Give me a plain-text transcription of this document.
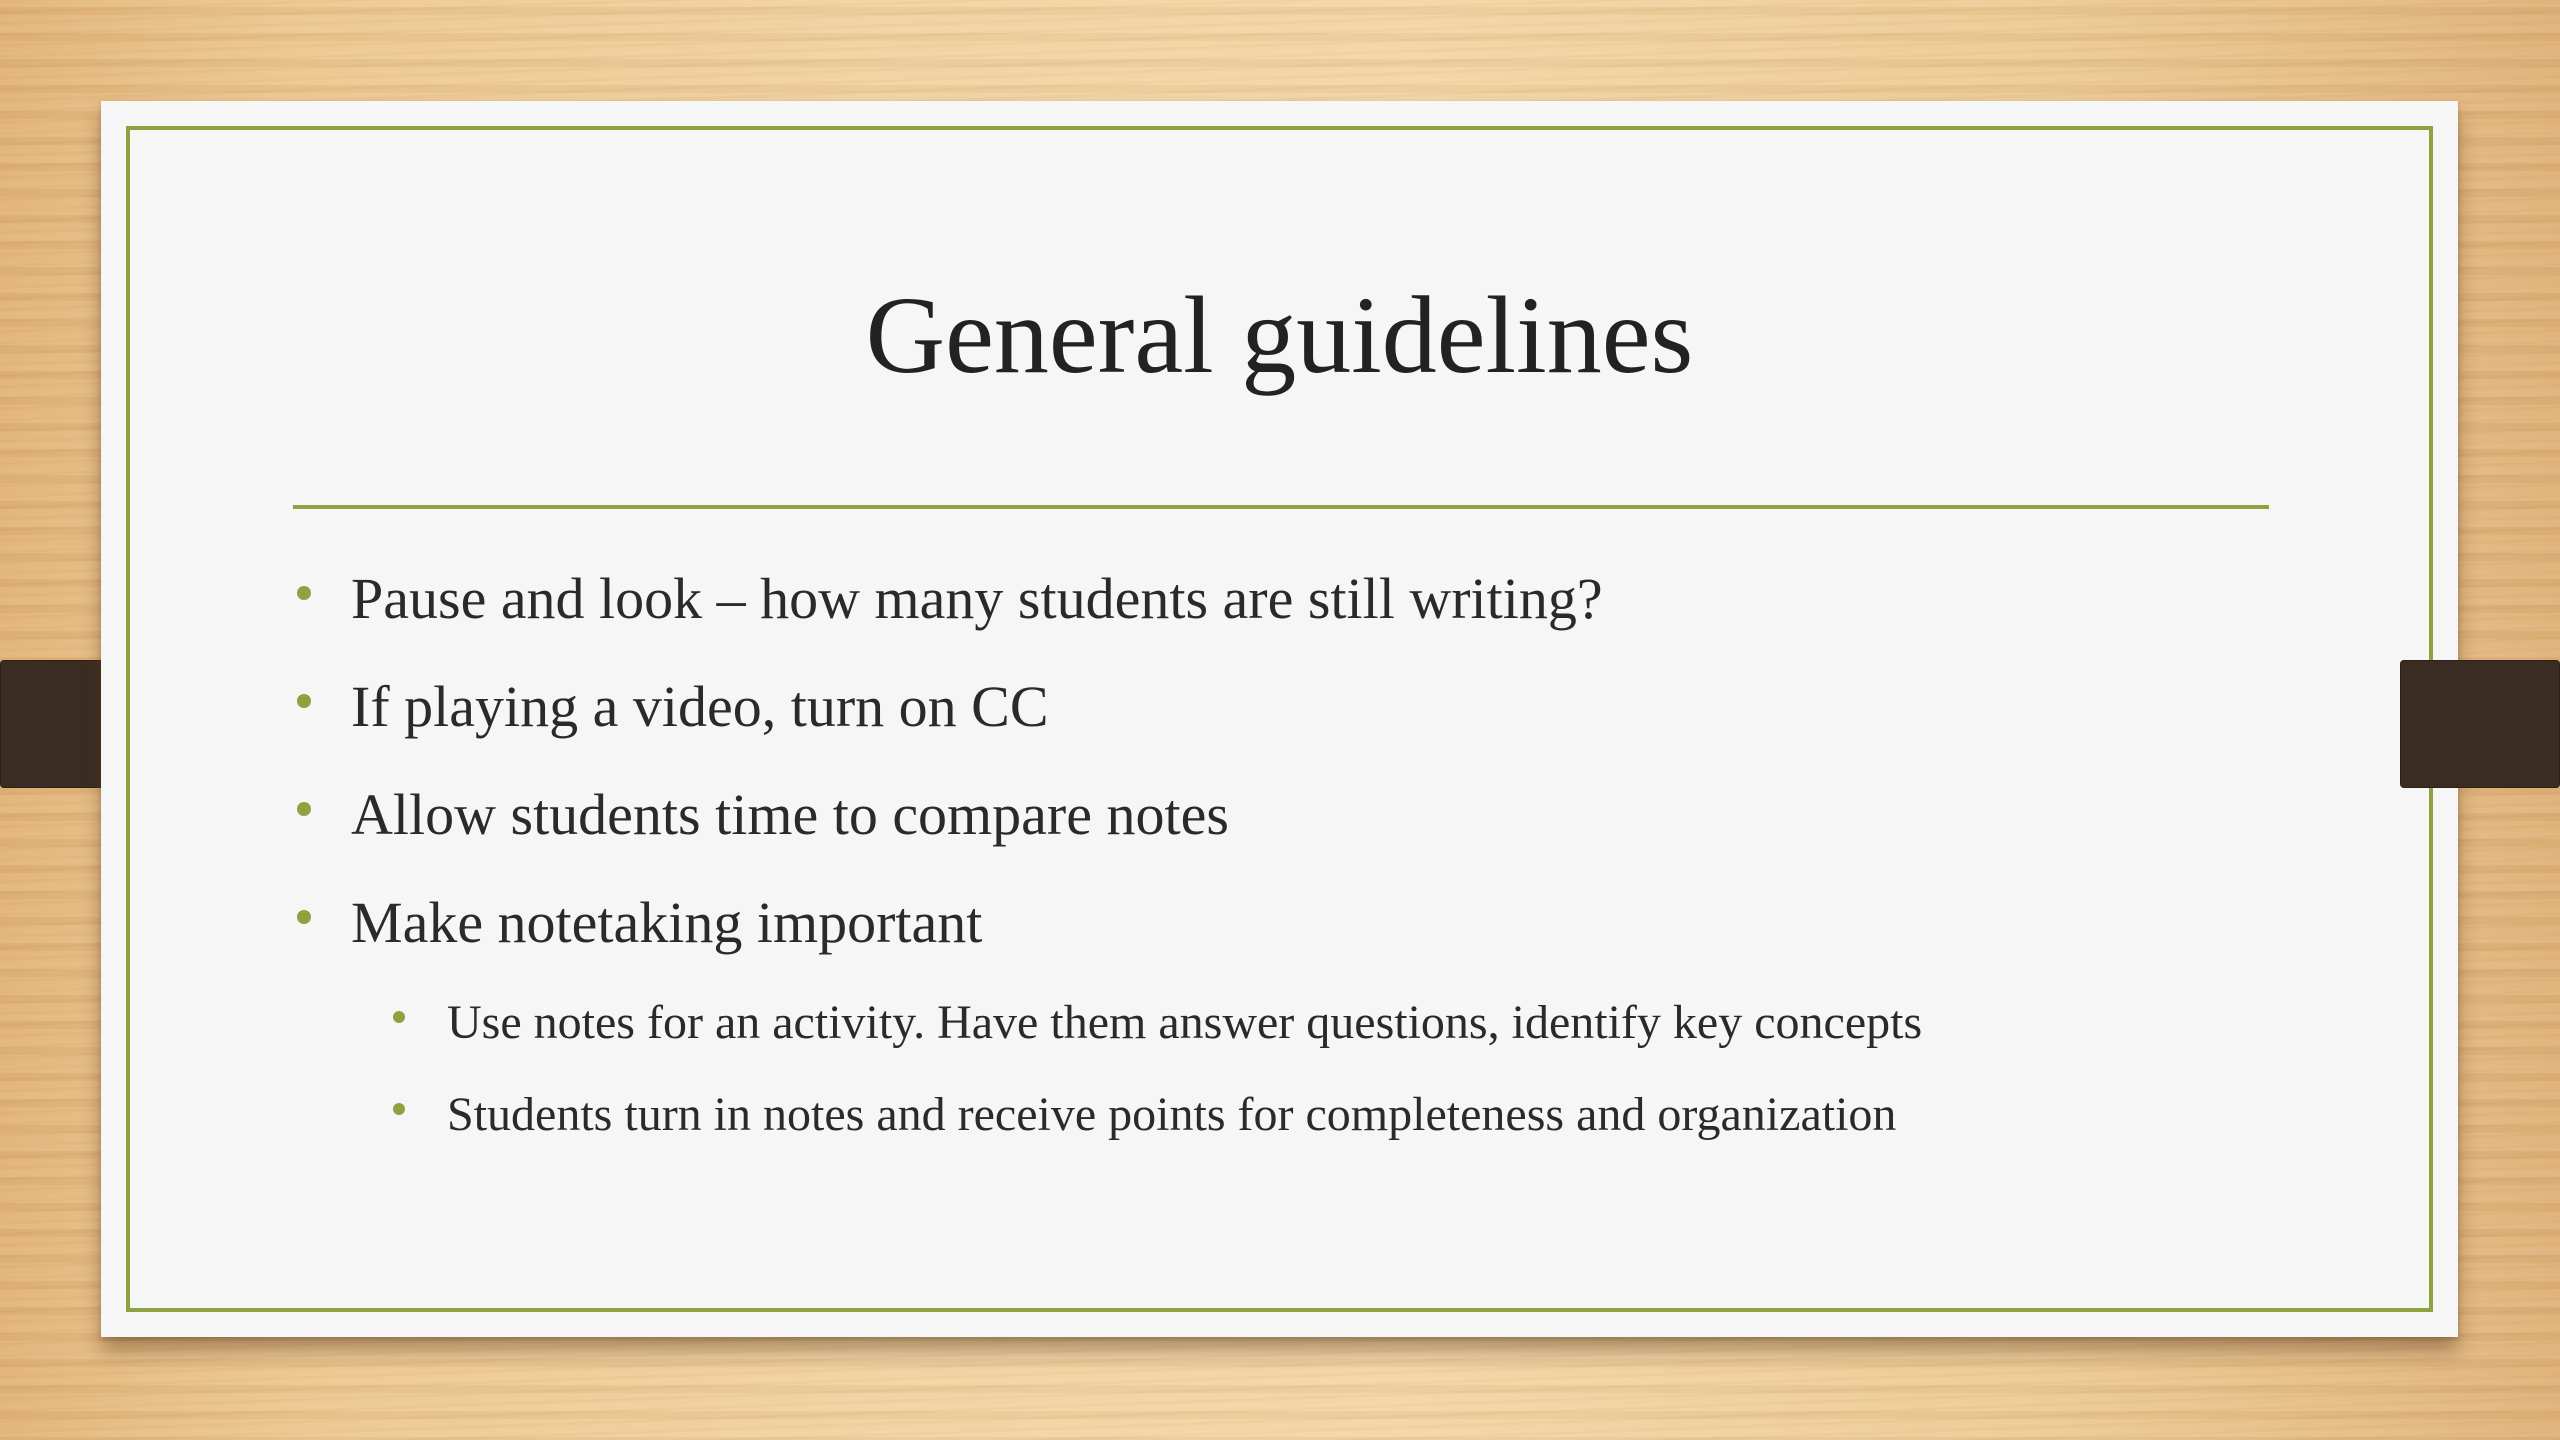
General guidelines
Pause and look – how many students are still writing?
If playing a video, turn on CC
Allow students time to compare notes
Make notetaking important
Use notes for an activity. Have them answer questions, identify key concepts
Students turn in notes and receive points for completeness and organization
